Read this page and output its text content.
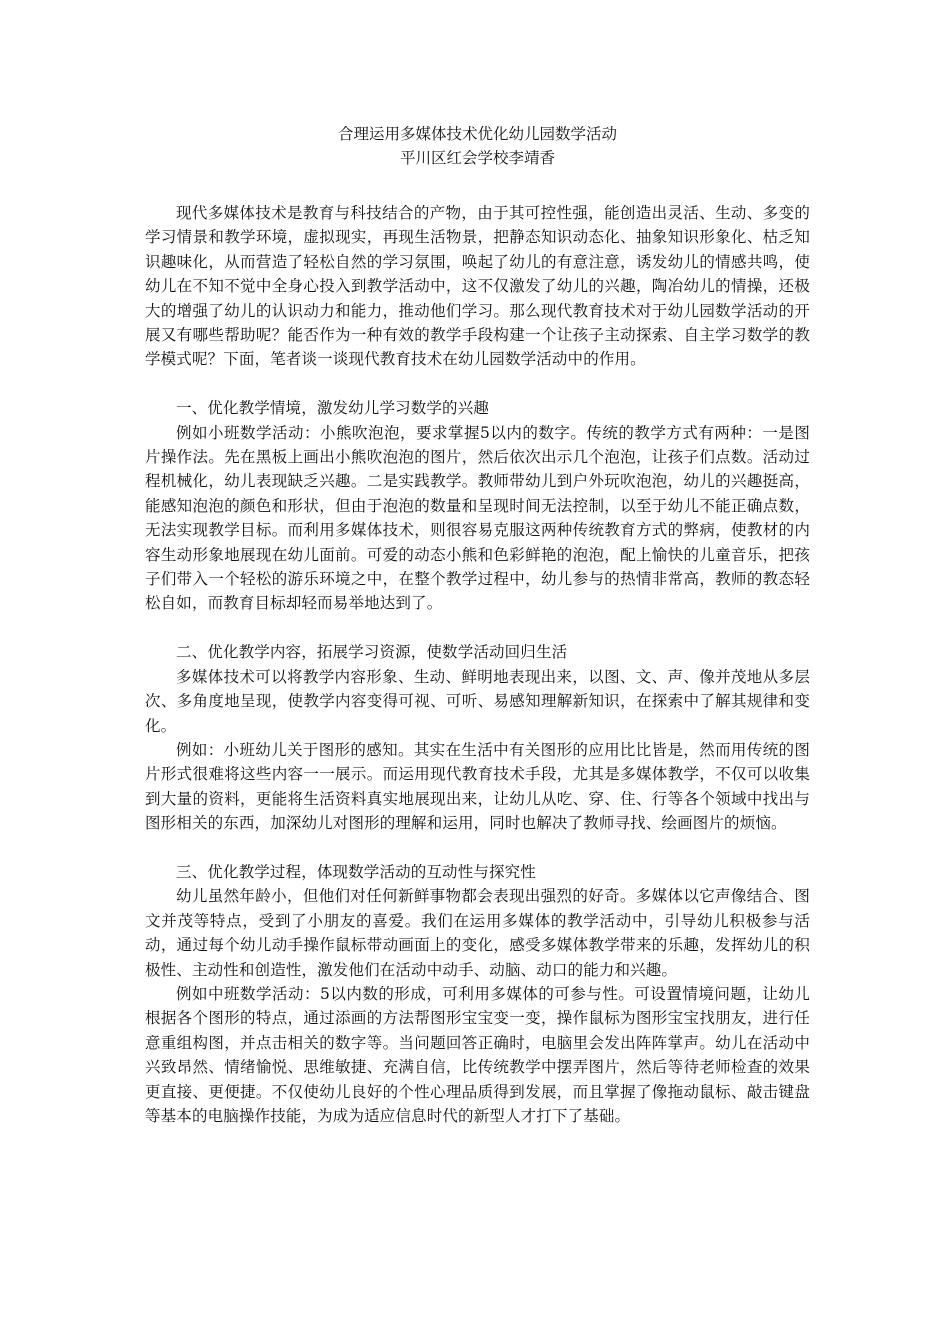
合理运用多媒体技术优化幼儿园数学活动
平川区红会学校李靖香

现代多媒体技术是教育与科技结合的产物，由于其可控性强，能创造出灵活、生动、多变的学习情景和教学环境，虚拟现实，再现生活物景，把静态知识动态化、抽象知识形象化、枯乏知识趣味化，从而营造了轻松自然的学习氛围，唤起了幼儿的有意注意，诱发幼儿的情感共鸣，使幼儿在不知不觉中全身心投入到教学活动中，这不仅激发了幼儿的兴趣，陶冶幼儿的情操，还极大的增强了幼儿的认识动力和能力，推动他们学习。那么现代教育技术对于幼儿园数学活动的开展又有哪些帮助呢？能否作为一种有效的教学手段构建一个让孩子主动探索、自主学习数学的教学模式呢？下面，笔者谈一谈现代教育技术在幼儿园数学活动中的作用。

一、优化教学情境，激发幼儿学习数学的兴趣

例如小班数学活动：小熊吹泡泡，要求掌握5以内的数字。传统的教学方式有两种：一是图片操作法。先在黑板上画出小熊吹泡泡的图片，然后依次出示几个泡泡，让孩子们点数。活动过程机械化，幼儿表现缺乏兴趣。二是实践教学。教师带幼儿到户外玩吹泡泡，幼儿的兴趣挺高，能感知泡泡的颜色和形状，但由于泡泡的数量和呈现时间无法控制，以至于幼儿不能正确点数，无法实现教学目标。而利用多媒体技术，则很容易克服这两种传统教育方式的弊病，使教材的内容生动形象地展现在幼儿面前。可爱的动态小熊和色彩鲜艳的泡泡，配上愉快的儿童音乐，把孩子们带入一个轻松的游乐环境之中，在整个教学过程中，幼儿参与的热情非常高，教师的教态轻松自如，而教育目标却轻而易举地达到了。

二、优化教学内容，拓展学习资源，使数学活动回归生活

多媒体技术可以将教学内容形象、生动、鲜明地表现出来，以图、文、声、像并茂地从多层次、多角度地呈现，使教学内容变得可视、可听、易感知理解新知识，在探索中了解其规律和变化。

例如：小班幼儿关于图形的感知。其实在生活中有关图形的应用比比皆是，然而用传统的图片形式很难将这些内容一一展示。而运用现代教育技术手段，尤其是多媒体教学，不仅可以收集到大量的资料，更能将生活资料真实地展现出来，让幼儿从吃、穿、住、行等各个领域中找出与图形相关的东西，加深幼儿对图形的理解和运用，同时也解决了教师寻找、绘画图片的烦恼。

三、优化教学过程，体现数学活动的互动性与探究性

幼儿虽然年龄小，但他们对任何新鲜事物都会表现出强烈的好奇。多媒体以它声像结合、图文并茂等特点，受到了小朋友的喜爱。我们在运用多媒体的教学活动中，引导幼儿积极参与活动，通过每个幼儿动手操作鼠标带动画面上的变化，感受多媒体教学带来的乐趣，发挥幼儿的积极性、主动性和创造性，激发他们在活动中动手、动脑、动口的能力和兴趣。

例如中班数学活动：5以内数的形成，可利用多媒体的可参与性。可设置情境问题，让幼儿根据各个图形的特点，通过添画的方法帮图形宝宝变一变，操作鼠标为图形宝宝找朋友，进行任意重组构图，并点击相关的数字等。当问题回答正确时，电脑里会发出阵阵掌声。幼儿在活动中兴致昂然、情绪愉悦、思维敏捷、充满自信，比传统教学中摆弄图片，然后等待老师检查的效果更直接、更便捷。不仅使幼儿良好的个性心理品质得到发展，而且掌握了像拖动鼠标、敲击键盘等基本的电脑操作技能，为成为适应信息时代的新型人才打下了基础。
